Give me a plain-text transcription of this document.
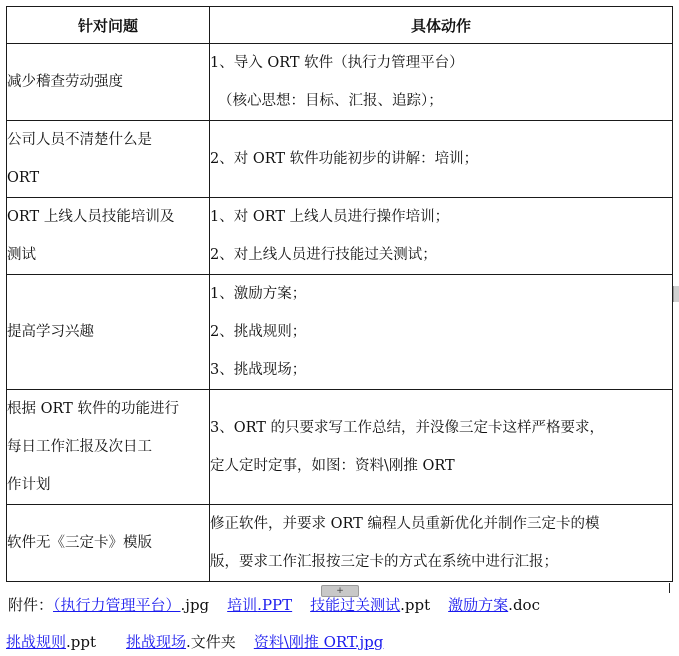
针对问题	具体动作
减少稽查劳动强度	1、导入 ORT 软件（执行力管理平台）
（核心思想：目标、汇报、追踪）；

公司人员不清楚什么是
ORT	2、对 ORT 软件功能初步的讲解：培训；

ORT 上线人员技能培训及
测试	1、对 ORT 上线人员进行操作培训；
2、对上线人员进行技能过关测试；

提高学习兴趣	1、激励方案；
2、挑战规则；
3、挑战现场；

根据 ORT 软件的功能进行
每日工作汇报及次日工
作计划	3、ORT 的只要求写工作总结，并没像三定卡这样严格要求，
定人定时定事，如图：资料\刚推 ORT

软件无《三定卡》模版	修正软件，并要求 ORT 编程人员重新优化并制作三定卡的模
版，要求工作汇报按三定卡的方式在系统中进行汇报；
+
附件：（执行力管理平台）.jpg 培训.PPT 技能过关测试.ppt 激励方案.doc
挑战规则.ppt 挑战现场.文件夹 资料\刚推 ORT.jpg
